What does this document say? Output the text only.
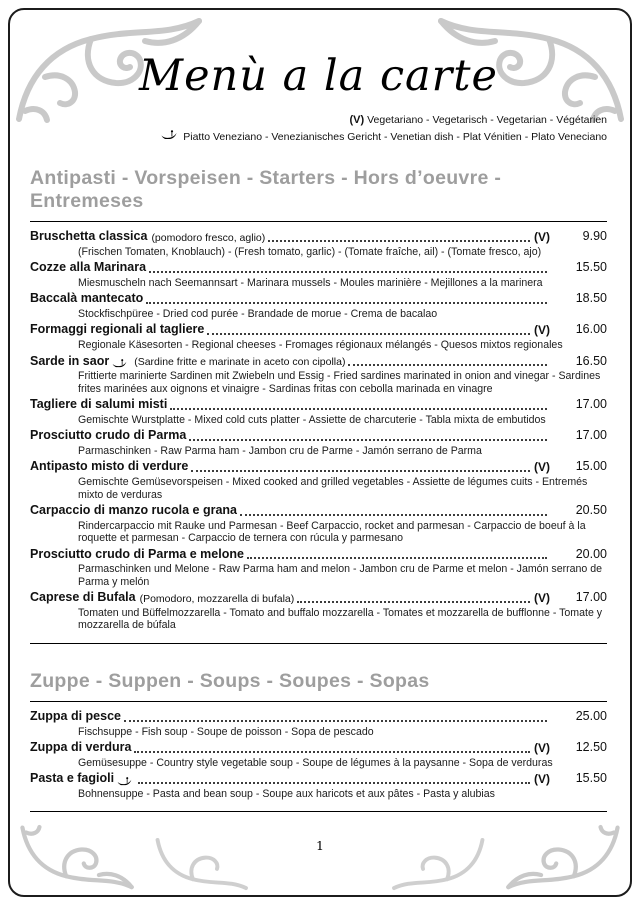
Menù a la carte
(V) Vegetariano - Vegetarisch - Vegetarian - Végétarien
Piatto Veneziano - Venezianisches Gericht - Venetian dish - Plat Vénitien - Plato Veneciano
Antipasti - Vorspeisen - Starters - Hors d’oeuvre - Entremeses
Bruschetta classica (pomodoro fresco, aglio)	(V)	9.90
(Frischen Tomaten, Knoblauch) - (Fresh tomato, garlic) - (Tomate fraîche, ail) - (Tomate fresco, ajo)
Cozze alla Marinara	15.50
Miesmuscheln nach Seemannsart - Marinara mussels - Moules marinière - Mejillones a la marinera
Baccalà mantecato	18.50
Stockfischpüree - Dried cod purée - Brandade de morue - Crema de bacalao
Formaggi regionali al tagliere	(V)	16.00
Regionale Käsesorten - Regional cheeses - Fromages régionaux mélangés - Quesos mixtos regionales
Sarde in saor (Sardine fritte e marinate in aceto con cipolla)	16.50
Frittierte marinierte Sardinen mit Zwiebeln und Essig - Fried sardines marinated in onion and vinegar - Sardines frites marinées aux oignons et vinaigre - Sardinas fritas con cebolla marinada en vinagre
Tagliere di salumi misti	17.00
Gemischte Wurstplatte - Mixed cold cuts platter - Assiette de charcuterie - Tabla mixta de embutidos
Prosciutto crudo di Parma	17.00
Parmaschinken - Raw Parma ham - Jambon cru de Parme - Jamón serrano de Parma
Antipasto misto di verdure	(V)	15.00
Gemischte Gemüsevorspeisen - Mixed cooked and grilled vegetables - Assiette de légumes cuits - Entremés mixto de verduras
Carpaccio di manzo rucola e grana	20.50
Rindercarpaccio mit Rauke und Parmesan - Beef Carpaccio, rocket and parmesan - Carpaccio de boeuf à la roquette et parmesan - Carpaccio de ternera con rúcula y parmesano
Prosciutto crudo di Parma e melone	20.00
Parmaschinken und Melone - Raw Parma ham and melon - Jambon cru de Parme et melon - Jamón serrano de Parma y melón
Caprese di Bufala (Pomodoro, mozzarella di bufala)	(V)	17.00
Tomaten und Büffelmozzarella - Tomato and buffalo mozzarella - Tomates et mozzarella de bufflonne - Tomate y mozzarella de búfala
Zuppe - Suppen - Soups - Soupes - Sopas
Zuppa di pesce	25.00
Fischsuppe - Fish soup - Soupe de poisson - Sopa de pescado
Zuppa di verdura	(V)	12.50
Gemüsesuppe - Country style vegetable soup - Soupe de légumes à la paysanne - Sopa de verduras
Pasta e fagioli	(V)	15.50
Bohnensuppe - Pasta and bean soup - Soupe aux haricots et aux pâtes - Pasta y alubias
1
